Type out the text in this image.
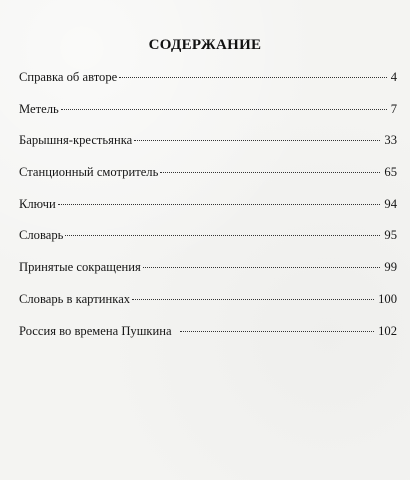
СОДЕРЖАНИЕ
Справка об авторе	4
Метель	7
Барышня-крестьянка	33
Станционный смотритель	65
Ключи	94
Словарь	95
Принятые сокращения	99
Словарь в картинках	100
Россия во времена Пушкина	102
